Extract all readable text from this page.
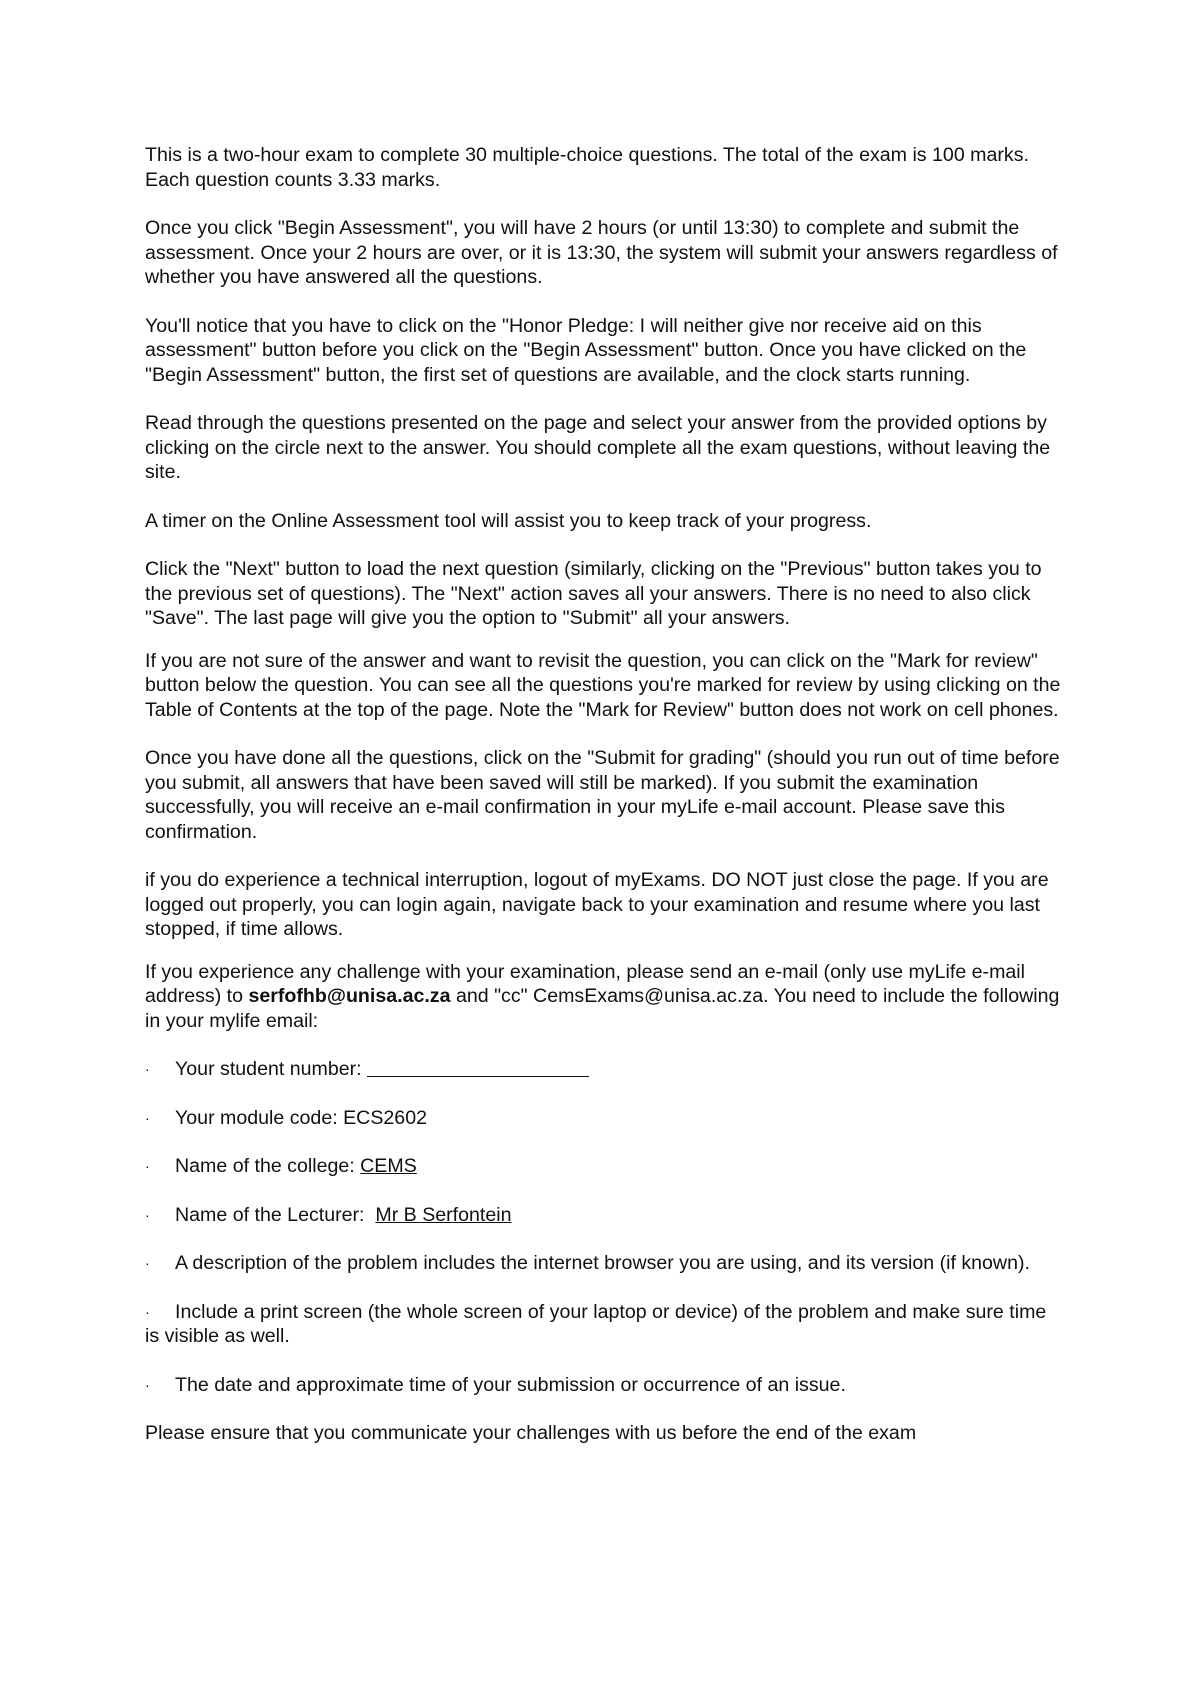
This is a two-hour exam to complete 30 multiple-choice questions. The total of the exam is 100 marks. Each question counts 3.33 marks.

Once you click "Begin Assessment", you will have 2 hours (or until 13:30) to complete and submit the assessment. Once your 2 hours are over, or it is 13:30, the system will submit your answers regardless of whether you have answered all the questions.

You'll notice that you have to click on the "Honor Pledge: I will neither give nor receive aid on this assessment" button before you click on the "Begin Assessment" button. Once you have clicked on the "Begin Assessment" button, the first set of questions are available, and the clock starts running.

Read through the questions presented on the page and select your answer from the provided options by clicking on the circle next to the answer. You should complete all the exam questions, without leaving the site.

A timer on the Online Assessment tool will assist you to keep track of your progress.

Click the "Next" button to load the next question (similarly, clicking on the "Previous" button takes you to the previous set of questions). The "Next" action saves all your answers. There is no need to also click "Save". The last page will give you the option to "Submit" all your answers.

If you are not sure of the answer and want to revisit the question, you can click on the "Mark for review" button below the question. You can see all the questions you're marked for review by using clicking on the Table of Contents at the top of the page. Note the "Mark for Review" button does not work on cell phones.

Once you have done all the questions, click on the "Submit for grading" (should you run out of time before you submit, all answers that have been saved will still be marked). If you submit the examination successfully, you will receive an e-mail confirmation in your myLife e-mail account. Please save this confirmation.

if you do experience a technical interruption, logout of myExams. DO NOT just close the page. If you are logged out properly, you can login again, navigate back to your examination and resume where you last stopped, if time allows.

If you experience any challenge with your examination, please send an e-mail (only use myLife e-mail address) to serfofhb@unisa.ac.za and "cc" CemsExams@unisa.ac.za. You need to include the following in your mylife email:

· Your student number:
· Your module code: ECS2602
· Name of the college: CEMS
· Name of the Lecturer:  Mr B Serfontein
· A description of the problem includes the internet browser you are using, and its version (if known).
· Include a print screen (the whole screen of your laptop or device) of the problem and make sure time is visible as well.
· The date and approximate time of your submission or occurrence of an issue.

Please ensure that you communicate your challenges with us before the end of the exam
